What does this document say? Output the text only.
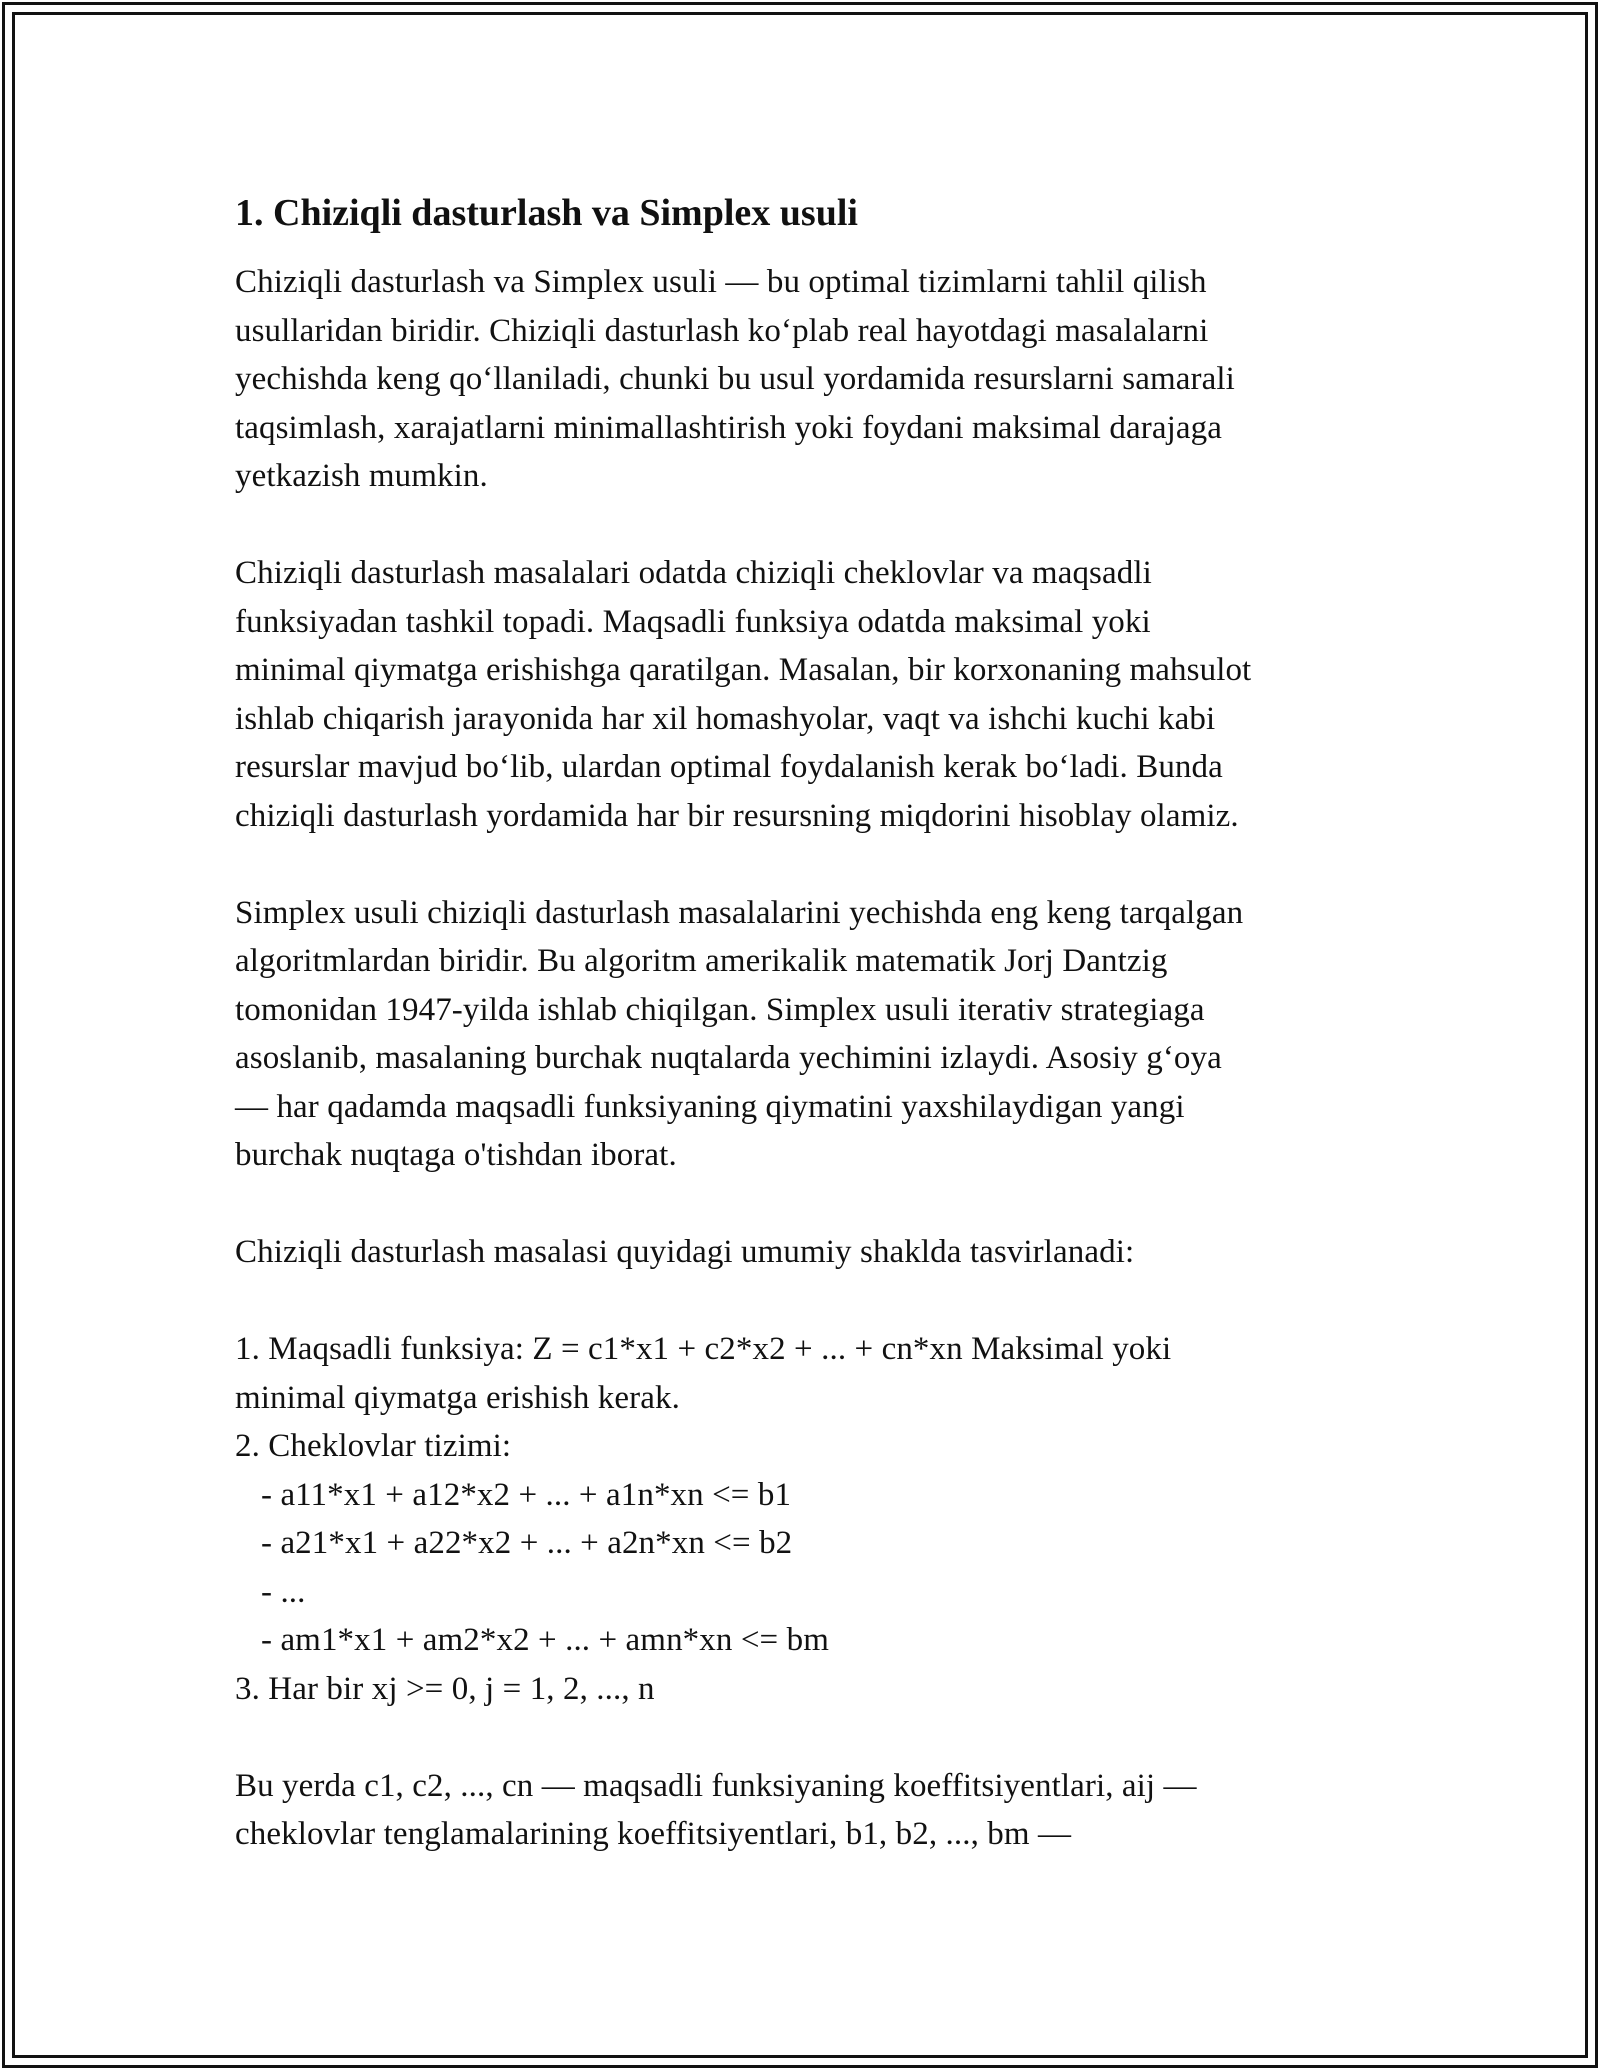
1. Chiziqli dasturlash va Simplex usuli

Chiziqli dasturlash va Simplex usuli — bu optimal tizimlarni tahlil qilish
usullaridan biridir. Chiziqli dasturlash ko‘plab real hayotdagi masalalarni
yechishda keng qo‘llaniladi, chunki bu usul yordamida resurslarni samarali
taqsimlash, xarajatlarni minimallashtirish yoki foydani maksimal darajaga
yetkazish mumkin.

Chiziqli dasturlash masalalari odatda chiziqli cheklovlar va maqsadli
funksiyadan tashkil topadi. Maqsadli funksiya odatda maksimal yoki
minimal qiymatga erishishga qaratilgan. Masalan, bir korxonaning mahsulot
ishlab chiqarish jarayonida har xil homashyolar, vaqt va ishchi kuchi kabi
resurslar mavjud bo‘lib, ulardan optimal foydalanish kerak bo‘ladi. Bunda
chiziqli dasturlash yordamida har bir resursning miqdorini hisoblay olamiz.

Simplex usuli chiziqli dasturlash masalalarini yechishda eng keng tarqalgan
algoritmlardan biridir. Bu algoritm amerikalik matematik Jorj Dantzig
tomonidan 1947-yilda ishlab chiqilgan. Simplex usuli iterativ strategiaga
asoslanib, masalaning burchak nuqtalarda yechimini izlaydi. Asosiy g‘oya
— har qadamda maqsadli funksiyaning qiymatini yaxshilaydigan yangi
burchak nuqtaga o'tishdan iborat.

Chiziqli dasturlash masalasi quyidagi umumiy shaklda tasvirlanadi:

1. Maqsadli funksiya: Z = c1*x1 + c2*x2 + ... + cn*xn Maksimal yoki
minimal qiymatga erishish kerak.
2. Cheklovlar tizimi:
- a11*x1 + a12*x2 + ... + a1n*xn <= b1
- a21*x1 + a22*x2 + ... + a2n*xn <= b2
- ...
- am1*x1 + am2*x2 + ... + amn*xn <= bm
3. Har bir xj >= 0, j = 1, 2, ..., n

Bu yerda c1, c2, ..., cn — maqsadli funksiyaning koeffitsiyentlari, aij —
cheklovlar tenglamalarining koeffitsiyentlari, b1, b2, ..., bm —
